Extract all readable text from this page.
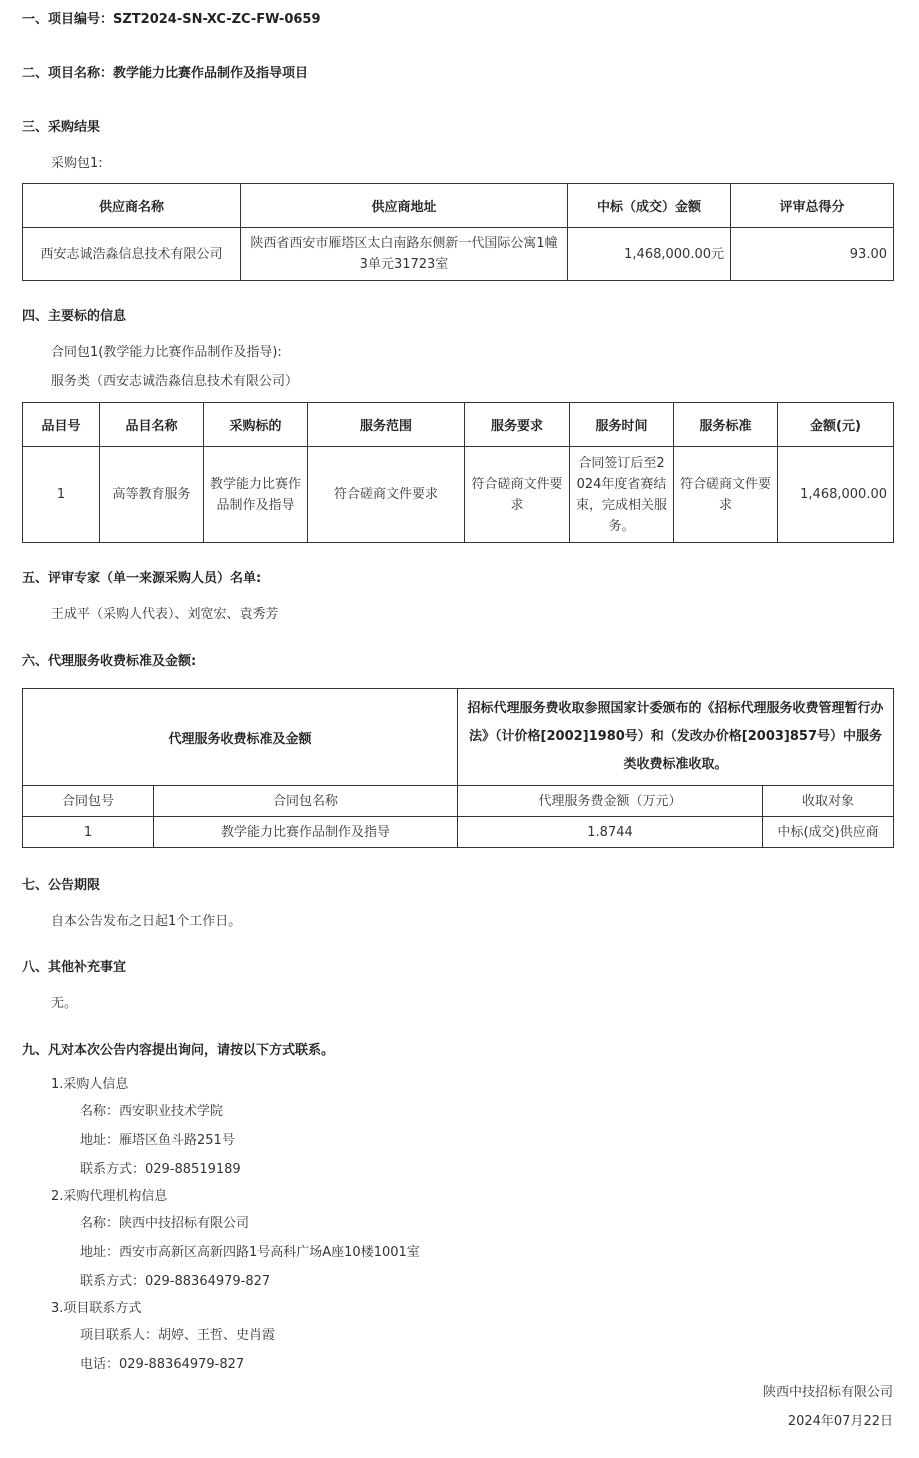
一、项目编号：SZT2024-SN-XC-ZC-FW-0659
二、项目名称：教学能力比赛作品制作及指导项目
三、采购结果
采购包1:
供应商名称	供应商地址	中标（成交）金额	评审总得分
西安志诚浩淼信息技术有限公司	陕西省西安市雁塔区太白南路东侧新一代国际公寓1幢3单元31723室	1,468,000.00元	93.00
四、主要标的信息
合同包1(教学能力比赛作品制作及指导):
服务类（西安志诚浩淼信息技术有限公司）
品目号	品目名称	采购标的	服务范围	服务要求	服务时间	服务标准	金额(元)
1	高等教育服务	教学能力比赛作品制作及指导	符合磋商文件要求	符合磋商文件要求	合同签订后至2024年度省赛结束，完成相关服务。	符合磋商文件要求	1,468,000.00
五、评审专家（单一来源采购人员）名单:
王成平（采购人代表）、刘宽宏、袁秀芳
六、代理服务收费标准及金额:
代理服务收费标准及金额		招标代理服务费收取参照国家计委颁布的《招标代理服务收费管理暂行办法》（计价格[2002]1980号）和（发改办价格[2003]857号）中服务类收费标准收取。	
合同包号	合同包名称	代理服务费金额（万元）	收取对象
1	教学能力比赛作品制作及指导	1.8744	中标(成交)供应商
七、公告期限
自本公告发布之日起1个工作日。
八、其他补充事宜
无。
九、凡对本次公告内容提出询问，请按以下方式联系。
1.采购人信息
名称：西安职业技术学院
地址：雁塔区鱼斗路251号
联系方式：029-88519189
2.采购代理机构信息
名称：陕西中技招标有限公司
地址：西安市高新区高新四路1号高科广场A座10楼1001室
联系方式：029-88364979-827
3.项目联系方式
项目联系人：胡婷、王哲、史肖霞
电话：029-88364979-827
陕西中技招标有限公司
2024年07月22日
